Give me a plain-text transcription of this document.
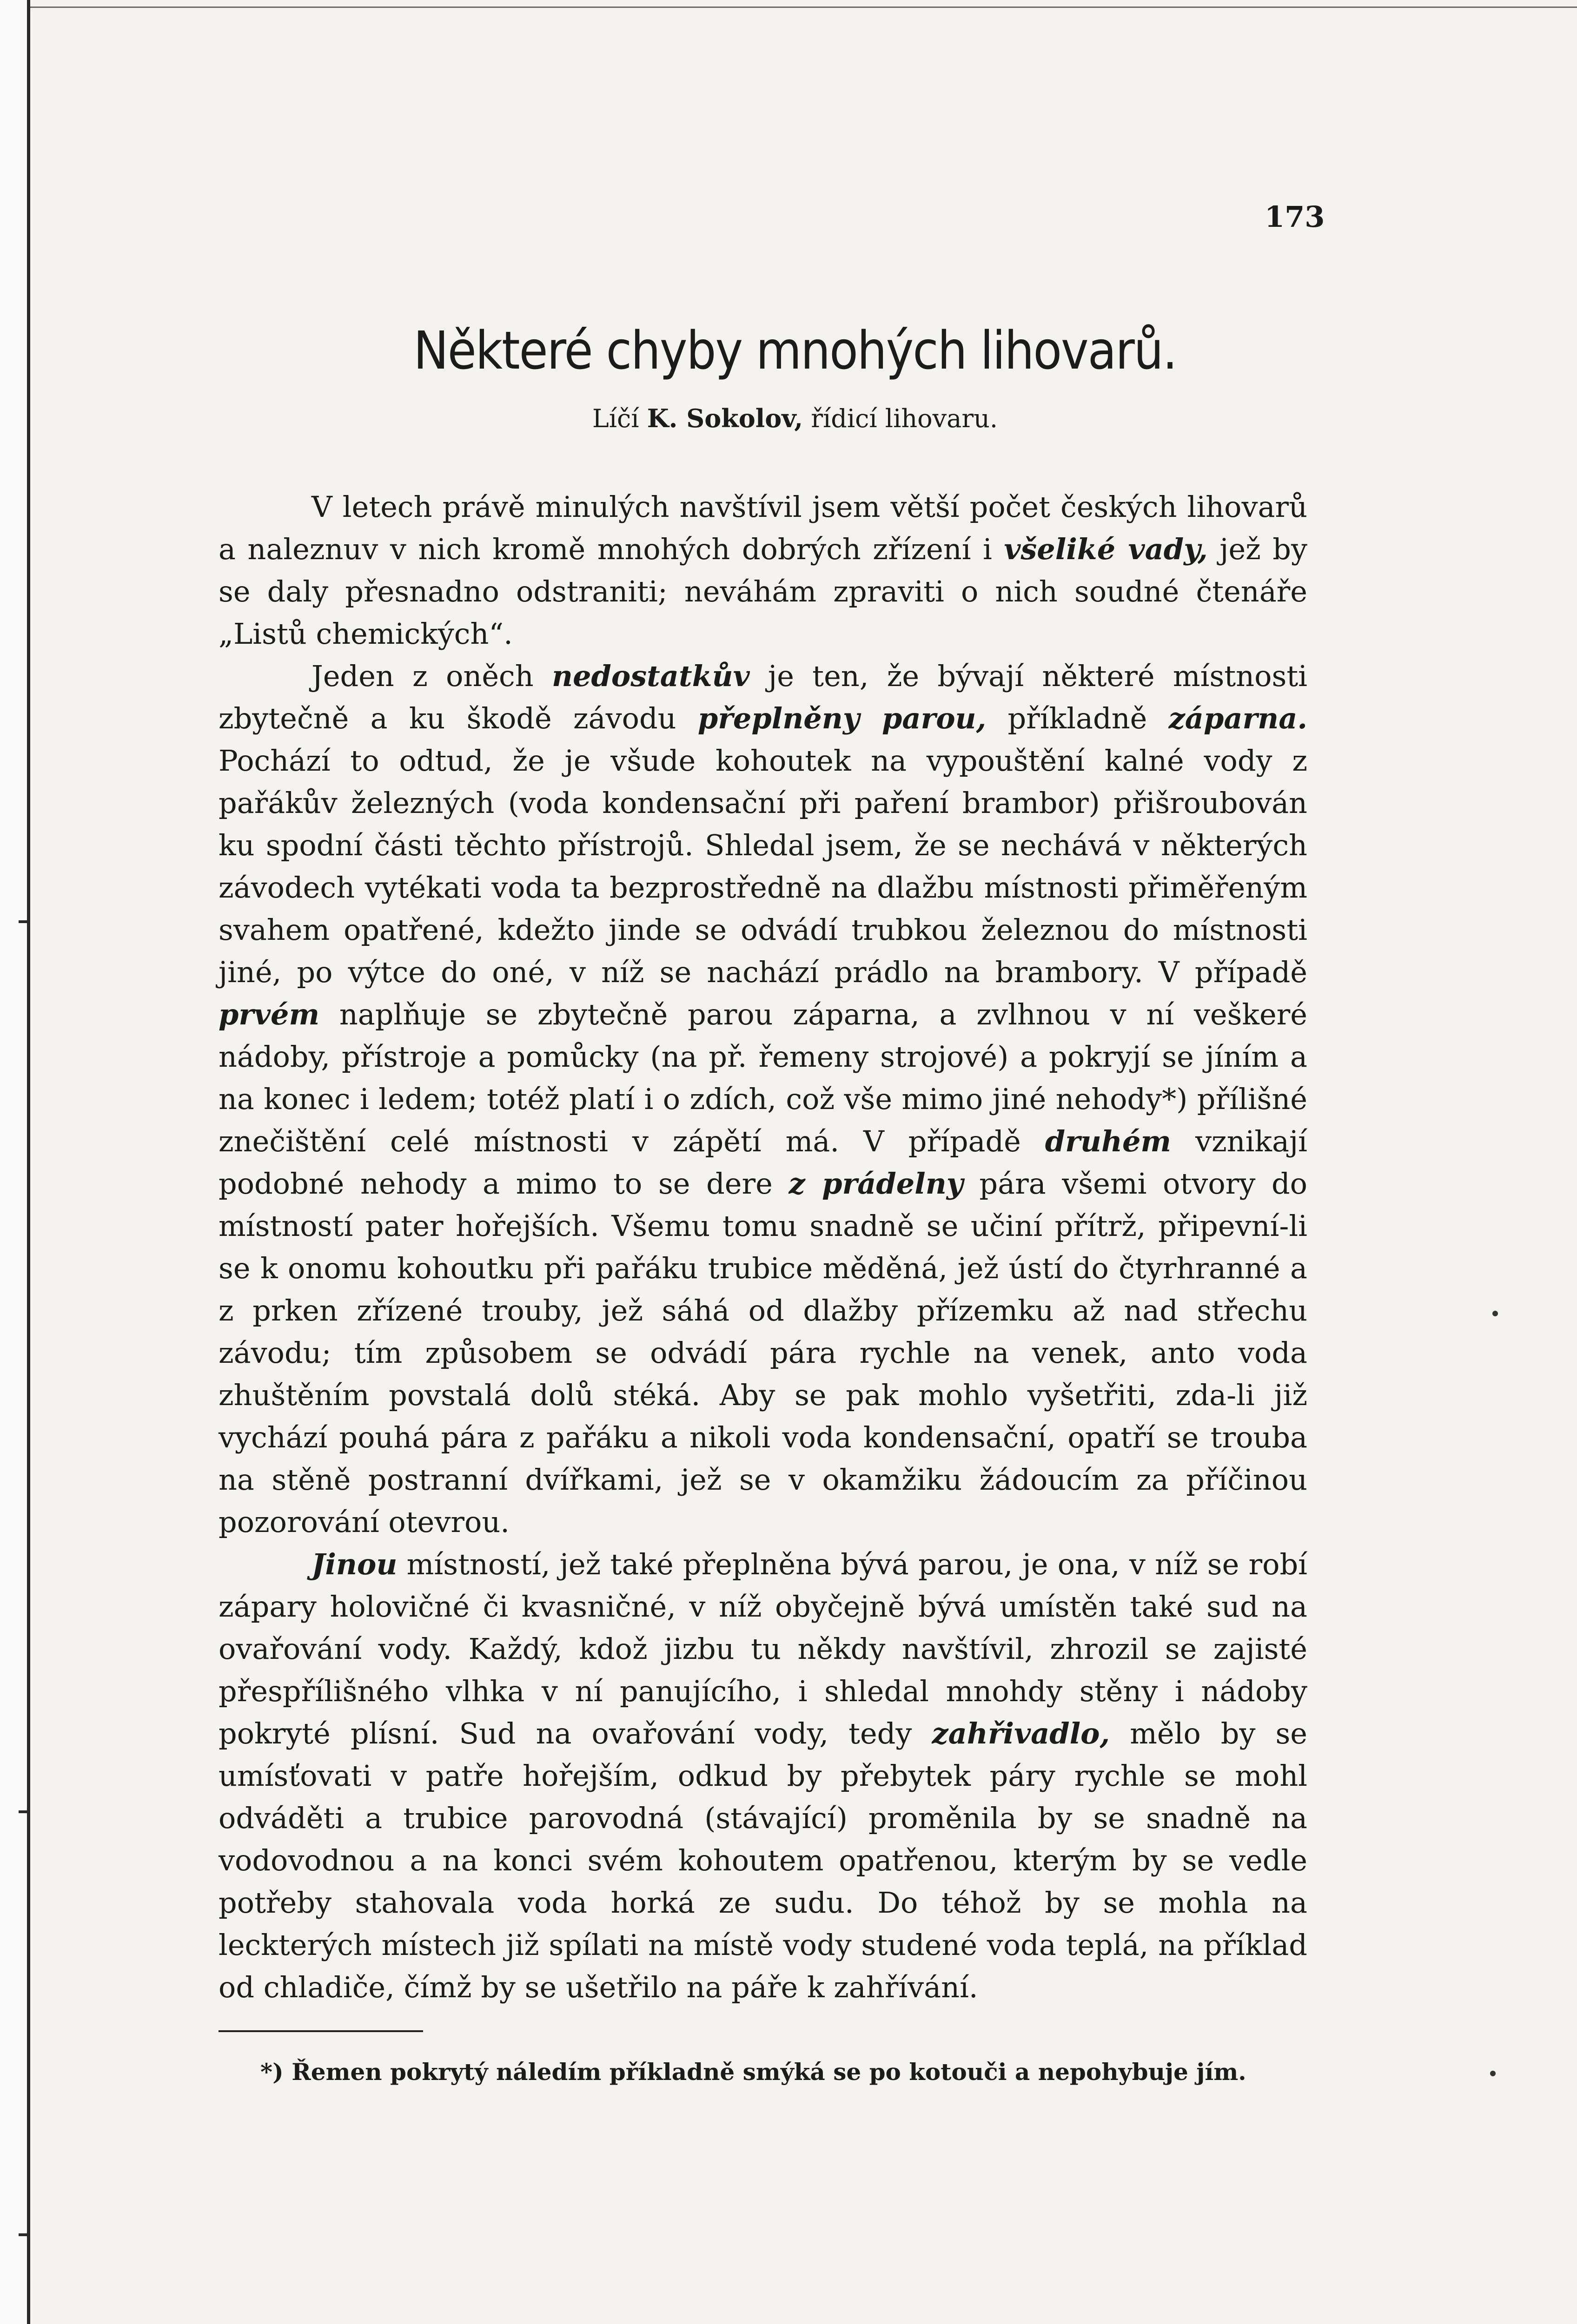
173
Některé chyby mnohých lihovarů.
Líčí K. Sokolov, řídicí lihovaru.

V letech právě minulých navštívil jsem větší počet českých lihovarů a naleznuv v nich kromě mnohých dobrých zřízení i všeliké vady, jež by se daly přesnadno odstraniti; neváhám zpraviti o nich soudné čtenáře „Listů chemických“.

Jeden z oněch nedostatkův je ten, že bývají některé místnosti zbytečně a ku škodě závodu přeplněny parou, příkladně záparna. Pochází to odtud, že je všude kohoutek na vypouštění kalné vody z pařákův železných (voda kondensační při paření brambor) přišroubován ku spodní části těchto přístrojů. Shledal jsem, že se nechává v některých závodech vytékati voda ta bezprostředně na dlažbu místnosti přiměřeným svahem opatřené, kdežto jinde se odvádí trubkou železnou do místnosti jiné, po výtce do oné, v níž se nachází prádlo na brambory. V případě prvém naplňuje se zbytečně parou záparna, a zvlhnou v ní veškeré nádoby, přístroje a pomůcky (na př. řemeny strojové) a pokryjí se jíním a na konec i ledem; totéž platí i o zdích, což vše mimo jiné nehody*) přílišné znečištění celé místnosti v zápětí má. V případě druhém vznikají podobné nehody a mimo to se dere z prádelny pára všemi otvory do místností pater hořejších. Všemu tomu snadně se učiní přítrž, připevní-li se k onomu kohoutku při pařáku trubice měděná, jež ústí do čtyrhranné a z prken zřízené trouby, jež sáhá od dlažby přízemku až nad střechu závodu; tím způsobem se odvádí pára rychle na venek, anto voda zhuštěním povstalá dolů stéká. Aby se pak mohlo vyšetřiti, zda-li již vychází pouhá pára z pařáku a nikoli voda kondensační, opatří se trouba na stěně postranní dvířkami, jež se v okamžiku žádoucím za příčinou pozorování otevrou.

Jinou místností, jež také přeplněna bývá parou, je ona, v níž se robí zápary holovičné či kvasničné, v níž obyčejně bývá umístěn také sud na ovařování vody. Každý, kdož jizbu tu někdy navštívil, zhrozil se zajisté přespřílišného vlhka v ní panujícího, i shledal mnohdy stěny i nádoby pokryté plísní. Sud na ovařování vody, tedy zahřivadlo, mělo by se umísťovati v patře hořejším, odkud by přebytek páry rychle se mohl odváděti a trubice parovodná (stávající) proměnila by se snadně na vodovodnou a na konci svém kohoutem opatřenou, kterým by se vedle potřeby stahovala voda horká ze sudu. Do téhož by se mohla na leckterých místech již spílati na místě vody studené voda teplá, na příklad od chladiče, čímž by se ušetřilo na páře k zahřívání.

*) Řemen pokrytý náledím příkladně smýká se po kotouči a nepohybuje jím.
